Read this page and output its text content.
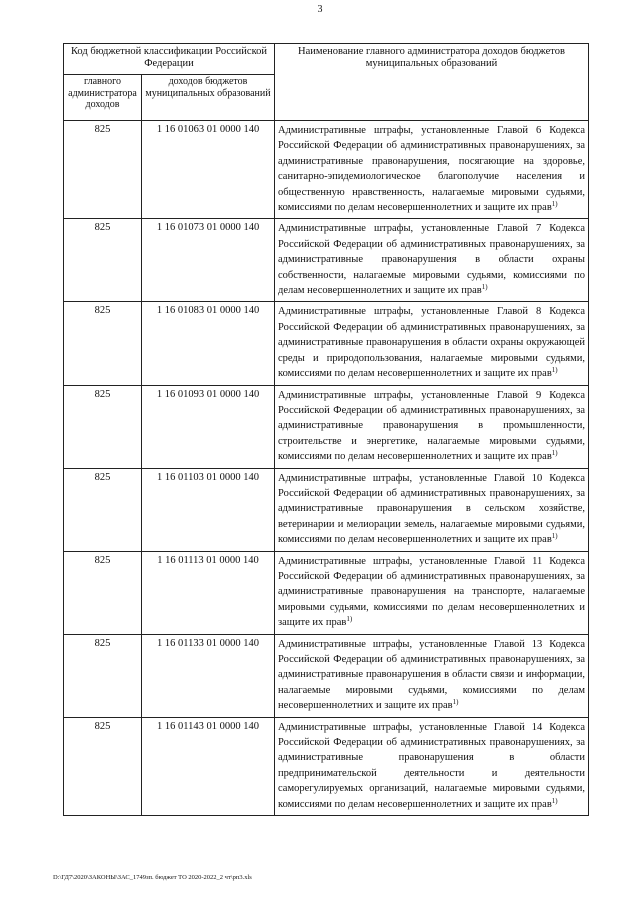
3
Код бюджетной классификации Российской Федерации		Наименование главного администратора доходов бюджетов муниципальных образований
главного администратора доходов	доходов бюджетов муниципальных образований	
825	1 16 01063 01 0000 140	Административные штрафы, установленные Главой 6 Кодекса Российской Федерации об административных правонарушениях, за административные правонарушения, посягающие на здоровье, санитарно-эпидемиологическое благополучие населения и общественную нравственность, налагаемые мировыми судьями, комиссиями по делам несовершеннолетних и защите их прав$^{1)}$
825	1 16 01073 01 0000 140	Административные штрафы, установленные Главой 7 Кодекса Российской Федерации об административных правонарушениях, за административные правонарушения в области охраны собственности, налагаемые мировыми судьями, комиссиями по делам несовершеннолетних и защите их прав$^{1)}$
825	1 16 01083 01 0000 140	Административные штрафы, установленные Главой 8 Кодекса Российской Федерации об административных правонарушениях, за административные правонарушения в области охраны окружающей среды и природопользования, налагаемые мировыми судьями, комиссиями по делам несовершеннолетних и защите их прав$^{1)}$
825	1 16 01093 01 0000 140	Административные штрафы, установленные Главой 9 Кодекса Российской Федерации об административных правонарушениях, за административные правонарушения в промышленности, строительстве и энергетике, налагаемые мировыми судьями, комиссиями по делам несовершеннолетних и защите их прав$^{1)}$
825	1 16 01103 01 0000 140	Административные штрафы, установленные Главой 10 Кодекса Российской Федерации об административных правонарушениях, за административные правонарушения в сельском хозяйстве, ветеринарии и мелиорации земель, налагаемые мировыми судьями, комиссиями по делам несовершеннолетних и защите их прав$^{1)}$
825	1 16 01113 01 0000 140	Административные штрафы, установленные Главой 11 Кодекса Российской Федерации об административных правонарушениях, за административные правонарушения на транспорте, налагаемые мировыми судьями, комиссиями по делам несовершеннолетних и защите их прав$^{1)}$
825	1 16 01133 01 0000 140	Административные штрафы, установленные Главой 13 Кодекса Российской Федерации об административных правонарушениях, за административные правонарушения в области связи и информации, налагаемые мировыми судьями, комиссиями по делам несовершеннолетних и защите их прав$^{1)}$
825	1 16 01143 01 0000 140	Административные штрафы, установленные Главой 14 Кодекса Российской Федерации об административных правонарушениях, за административные правонарушения в области предпринимательской деятельности и деятельности саморегулируемых организаций, налагаемые мировыми судьями, комиссиями по делам несовершеннолетних и защите их прав$^{1)}$
D:\ГД7\2020\ЗАКОНЫ\ЗАС_1749зп. бюджет ТО 2020-2022_2 чт\рп3.xls
